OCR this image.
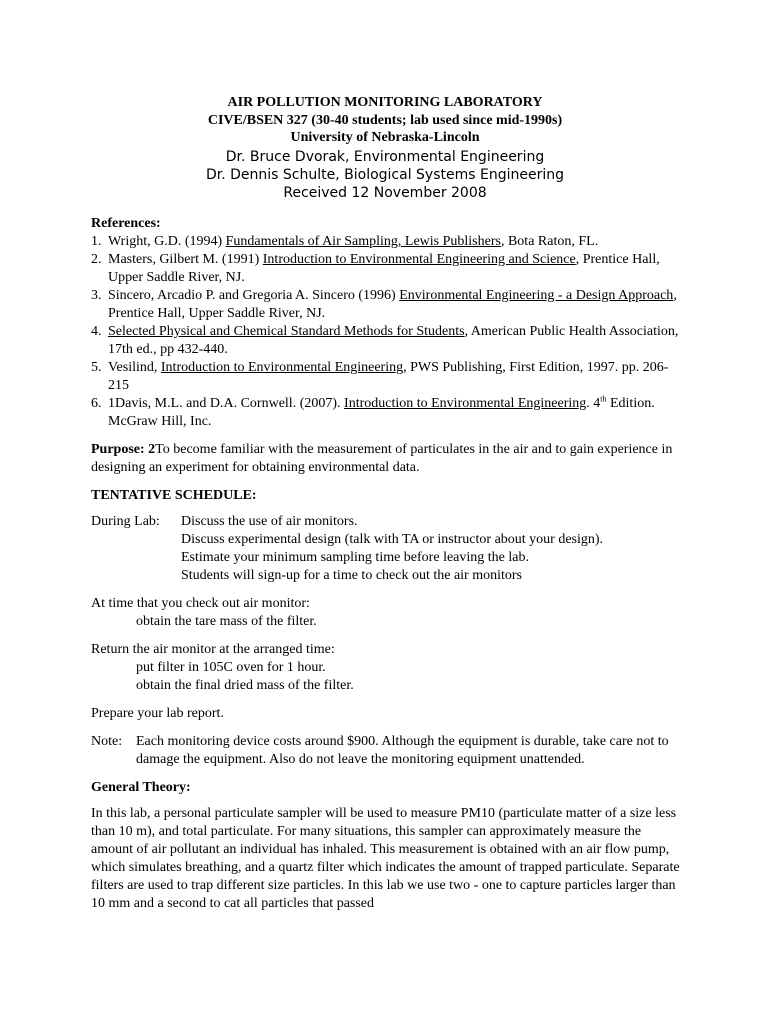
AIR POLLUTION MONITORING LABORATORY
CIVE/BSEN 327 (30-40 students; lab used since mid-1990s)
University of Nebraska-Lincoln
Dr. Bruce Dvorak, Environmental Engineering
Dr. Dennis Schulte, Biological Systems Engineering
Received 12 November 2008
References:
1. Wright, G.D. (1994) Fundamentals of Air Sampling, Lewis Publishers, Bota Raton, FL.
2. Masters, Gilbert M. (1991) Introduction to Environmental Engineering and Science, Prentice Hall, Upper Saddle River, NJ.
3. Sincero, Arcadio P. and Gregoria A. Sincero (1996) Environmental Engineering - a Design Approach, Prentice Hall, Upper Saddle River, NJ.
4. Selected Physical and Chemical Standard Methods for Students, American Public Health Association, 17th ed., pp 432-440.
5. Vesilind, Introduction to Environmental Engineering, PWS Publishing, First Edition, 1997. pp. 206-215
6. 1Davis, M.L. and D.A. Cornwell. (2007). Introduction to Environmental Engineering. 4th Edition. McGraw Hill, Inc.
Purpose: 2To become familiar with the measurement of particulates in the air and to gain experience in designing an experiment for obtaining environmental data.
TENTATIVE SCHEDULE:
During Lab:	Discuss the use of air monitors.
Discuss experimental design (talk with TA or instructor about your design).
Estimate your minimum sampling time before leaving the lab.
Students will sign-up for a time to check out the air monitors
At time that you check out air monitor:
obtain the tare mass of the filter.
Return the air monitor at the arranged time:
put filter in 105C oven for 1 hour.
obtain the final dried mass of the filter.
Prepare your lab report.
Note: Each monitoring device costs around $900. Although the equipment is durable, take care not to damage the equipment. Also do not leave the monitoring equipment unattended.
General Theory:
In this lab, a personal particulate sampler will be used to measure PM10 (particulate matter of a size less than 10 m), and total particulate. For many situations, this sampler can approximately measure the amount of air pollutant an individual has inhaled. This measurement is obtained with an air flow pump, which simulates breathing, and a quartz filter which indicates the amount of trapped particulate. Separate filters are used to trap different size particles. In this lab we use two - one to capture particles larger than 10 mm and a second to cat all particles that passed
